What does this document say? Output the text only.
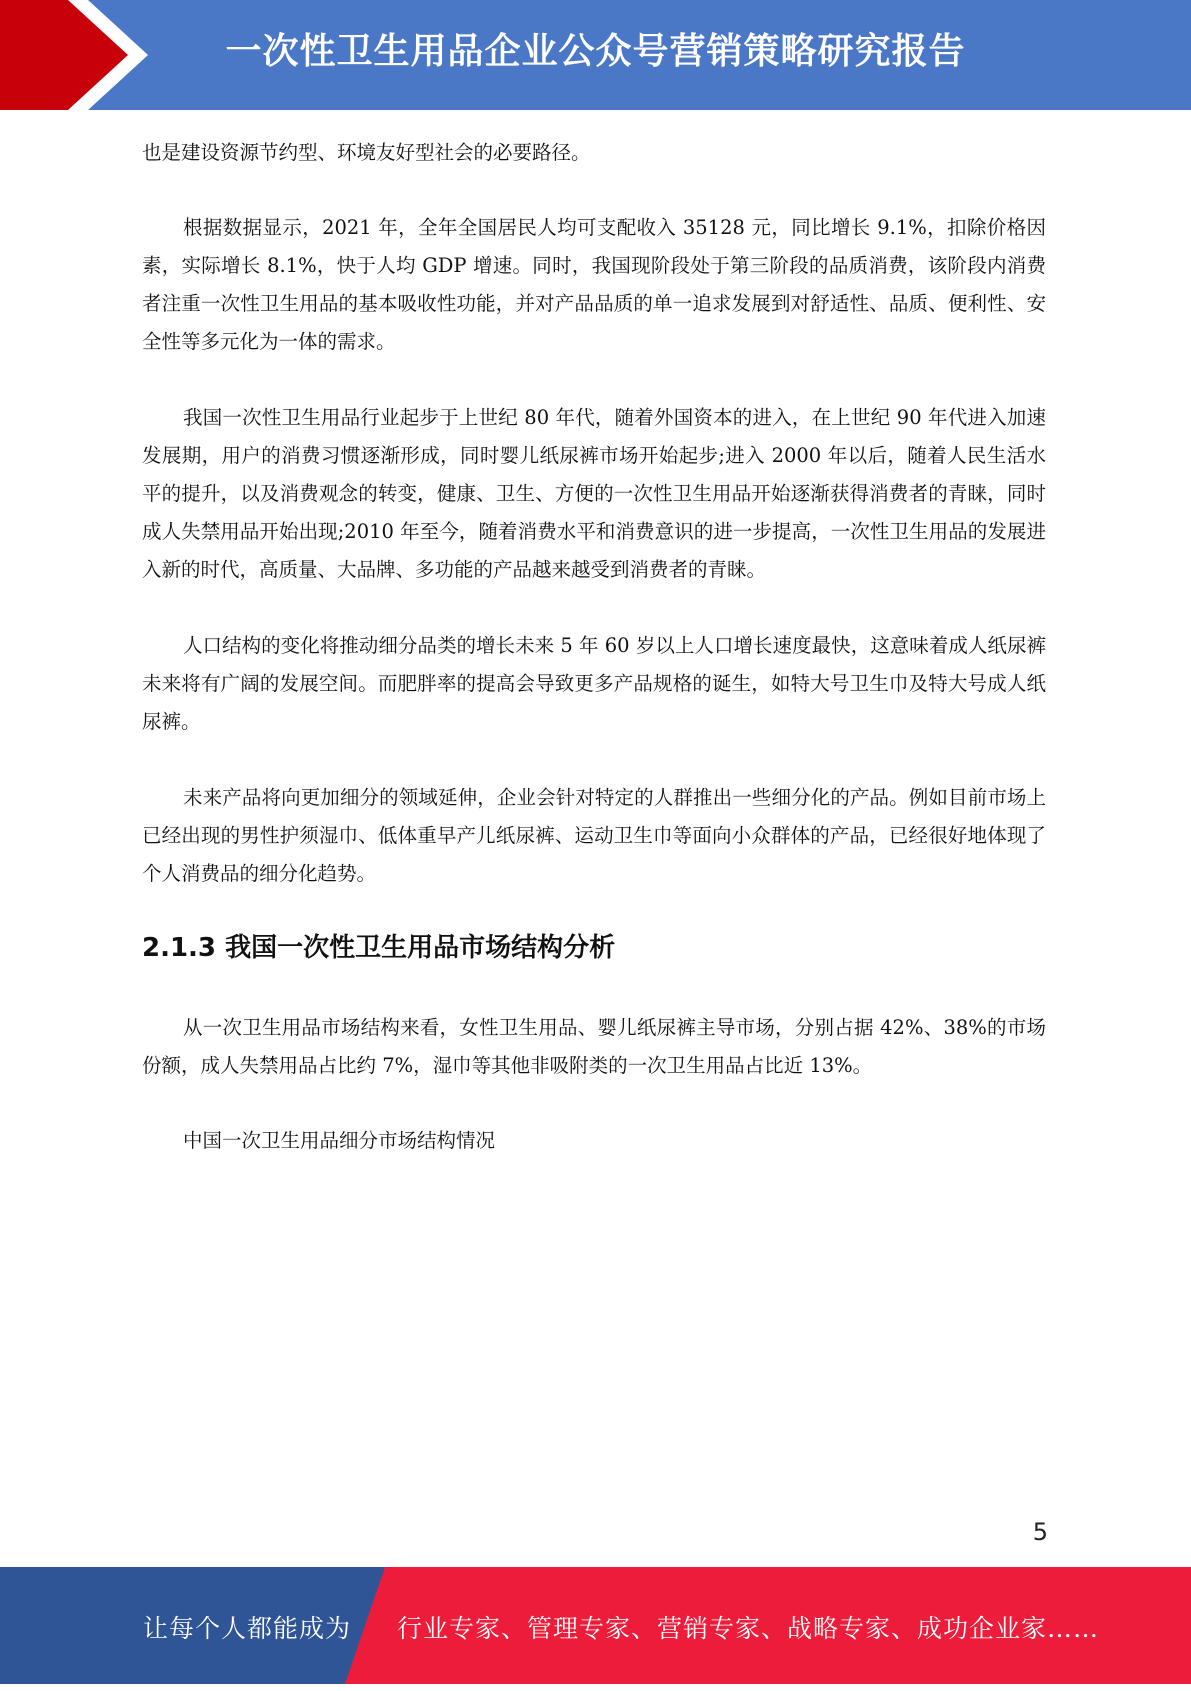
一次性卫生用品企业公众号营销策略研究报告

也是建设资源节约型、环境友好型社会的必要路径。

根据数据显示，2021 年，全年全国居民人均可支配收入 35128 元，同比增长 9.1%，扣除价格因素，实际增长 8.1%，快于人均 GDP 增速。同时，我国现阶段处于第三阶段的品质消费，该阶段内消费者注重一次性卫生用品的基本吸收性功能，并对产品品质的单一追求发展到对舒适性、品质、便利性、安全性等多元化为一体的需求。

我国一次性卫生用品行业起步于上世纪 80 年代，随着外国资本的进入，在上世纪 90 年代进入加速发展期，用户的消费习惯逐渐形成，同时婴儿纸尿裤市场开始起步;进入 2000 年以后，随着人民生活水平的提升，以及消费观念的转变，健康、卫生、方便的一次性卫生用品开始逐渐获得消费者的青睐，同时成人失禁用品开始出现;2010 年至今，随着消费水平和消费意识的进一步提高，一次性卫生用品的发展进入新的时代，高质量、大品牌、多功能的产品越来越受到消费者的青睐。

人口结构的变化将推动细分品类的增长未来 5 年 60 岁以上人口增长速度最快，这意味着成人纸尿裤未来将有广阔的发展空间。而肥胖率的提高会导致更多产品规格的诞生，如特大号卫生巾及特大号成人纸尿裤。

未来产品将向更加细分的领域延伸，企业会针对特定的人群推出一些细分化的产品。例如目前市场上已经出现的男性护须湿巾、低体重早产儿纸尿裤、运动卫生巾等面向小众群体的产品，已经很好地体现了个人消费品的细分化趋势。

2.1.3 我国一次性卫生用品市场结构分析

从一次卫生用品市场结构来看，女性卫生用品、婴儿纸尿裤主导市场，分别占据 42%、38%的市场份额，成人失禁用品占比约 7%，湿巾等其他非吸附类的一次卫生用品占比近 13%。

中国一次卫生用品细分市场结构情况

5
让每个人都能成为 行业专家、管理专家、营销专家、战略专家、成功企业家……
